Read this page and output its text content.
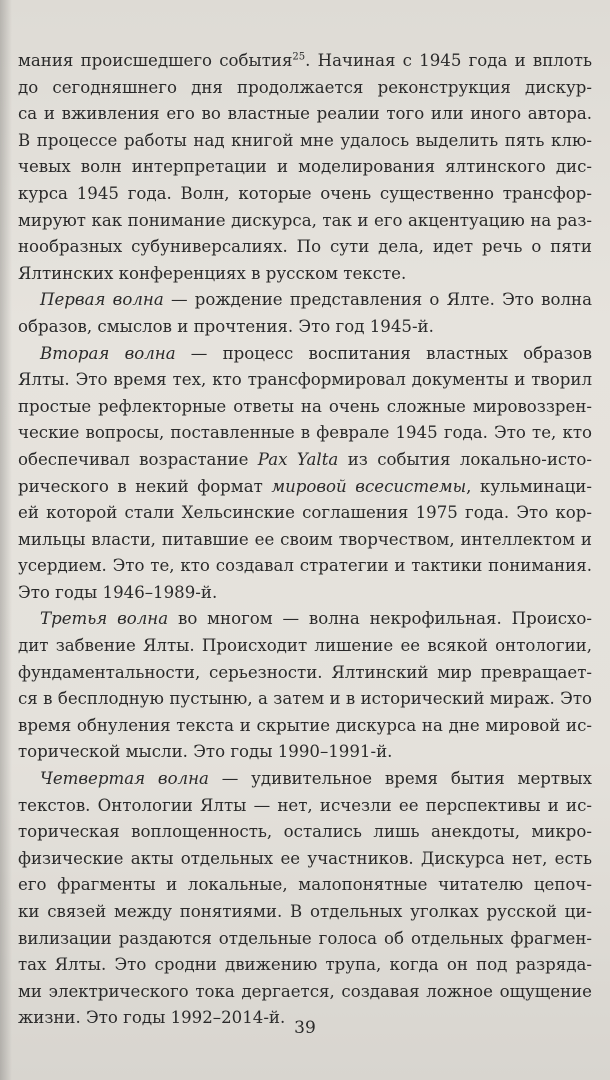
мания происшедшего события$^{25}$. Начиная с 1945 года и вплоть
до сегодняшнего дня продолжается реконструкция дискур-
са и вживления его во властные реалии того или иного автора.
В процессе работы над книгой мне удалось выделить пять клю-
чевых волн интерпретации и моделирования ялтинского дис-
курса 1945 года. Волн, которые очень существенно трансфор-
мируют как понимание дискурса, так и его акцентуацию на раз-
нообразных субуниверсалиях. По сути дела, идет речь о пяти
Ялтинских конференциях в русском тексте.
Первая волна — рождение представления о Ялте. Это волна
образов, смыслов и прочтения. Это год 1945-й.
Вторая волна — процесс воспитания властных образов
Ялты. Это время тех, кто трансформировал документы и творил
простые рефлекторные ответы на очень сложные мировоззрен-
ческие вопросы, поставленные в феврале 1945 года. Это те, кто
обеспечивал возрастание Pax Yalta из события локально-исто-
рического в некий формат мировой всесистемы, кульминаци-
ей которой стали Хельсинские соглашения 1975 года. Это кор-
мильцы власти, питавшие ее своим творчеством, интеллектом и
усердием. Это те, кто создавал стратегии и тактики понимания.
Это годы 1946–1989-й.
Третья волна во многом — волна некрофильная. Происхо-
дит забвение Ялты. Происходит лишение ее всякой онтологии,
фундаментальности, серьезности. Ялтинский мир превращает-
ся в бесплодную пустыню, а затем и в исторический мираж. Это
время обнуления текста и скрытие дискурса на дне мировой ис-
торической мысли. Это годы 1990–1991-й.
Четвертая волна — удивительное время бытия мертвых
текстов. Онтологии Ялты — нет, исчезли ее перспективы и ис-
торическая воплощенность, остались лишь анекдоты, микро-
физические акты отдельных ее участников. Дискурса нет, есть
его фрагменты и локальные, малопонятные читателю цепоч-
ки связей между понятиями. В отдельных уголках русской ци-
вилизации раздаются отдельные голоса об отдельных фрагмен-
тах Ялты. Это сродни движению трупа, когда он под разряда-
ми электрического тока дергается, создавая ложное ощущение
жизни. Это годы 1992–2014-й.
39
